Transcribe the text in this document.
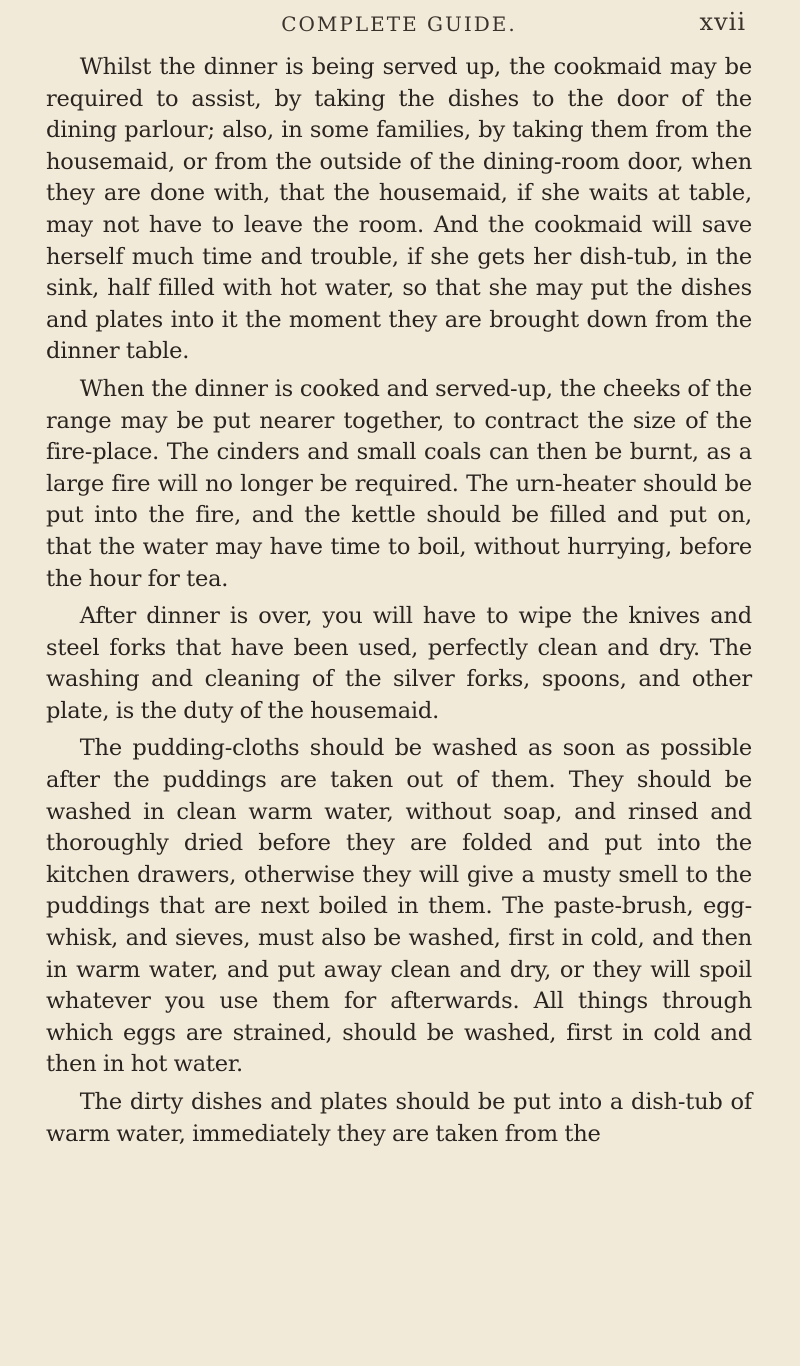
COMPLETE GUIDE.	xvii

Whilst the dinner is being served up, the cookmaid may be required to assist, by taking the dishes to the door of the dining parlour; also, in some families, by taking them from the housemaid, or from the outside of the dining-room door, when they are done with, that the housemaid, if she waits at table, may not have to leave the room. And the cookmaid will save herself much time and trouble, if she gets her dish-tub, in the sink, half filled with hot water, so that she may put the dishes and plates into it the moment they are brought down from the dinner table.

When the dinner is cooked and served-up, the cheeks of the range may be put nearer together, to contract the size of the fire-place. The cinders and small coals can then be burnt, as a large fire will no longer be required. The urn-heater should be put into the fire, and the kettle should be filled and put on, that the water may have time to boil, without hurrying, before the hour for tea.

After dinner is over, you will have to wipe the knives and steel forks that have been used, perfectly clean and dry. The washing and cleaning of the silver forks, spoons, and other plate, is the duty of the housemaid.

The pudding-cloths should be washed as soon as possible after the puddings are taken out of them. They should be washed in clean warm water, without soap, and rinsed and thoroughly dried before they are folded and put into the kitchen drawers, otherwise they will give a musty smell to the puddings that are next boiled in them. The paste-brush, egg-whisk, and sieves, must also be washed, first in cold, and then in warm water, and put away clean and dry, or they will spoil whatever you use them for afterwards. All things through which eggs are strained, should be washed, first in cold and then in hot water.

The dirty dishes and plates should be put into a dish-tub of warm water, immediately they are taken from the
